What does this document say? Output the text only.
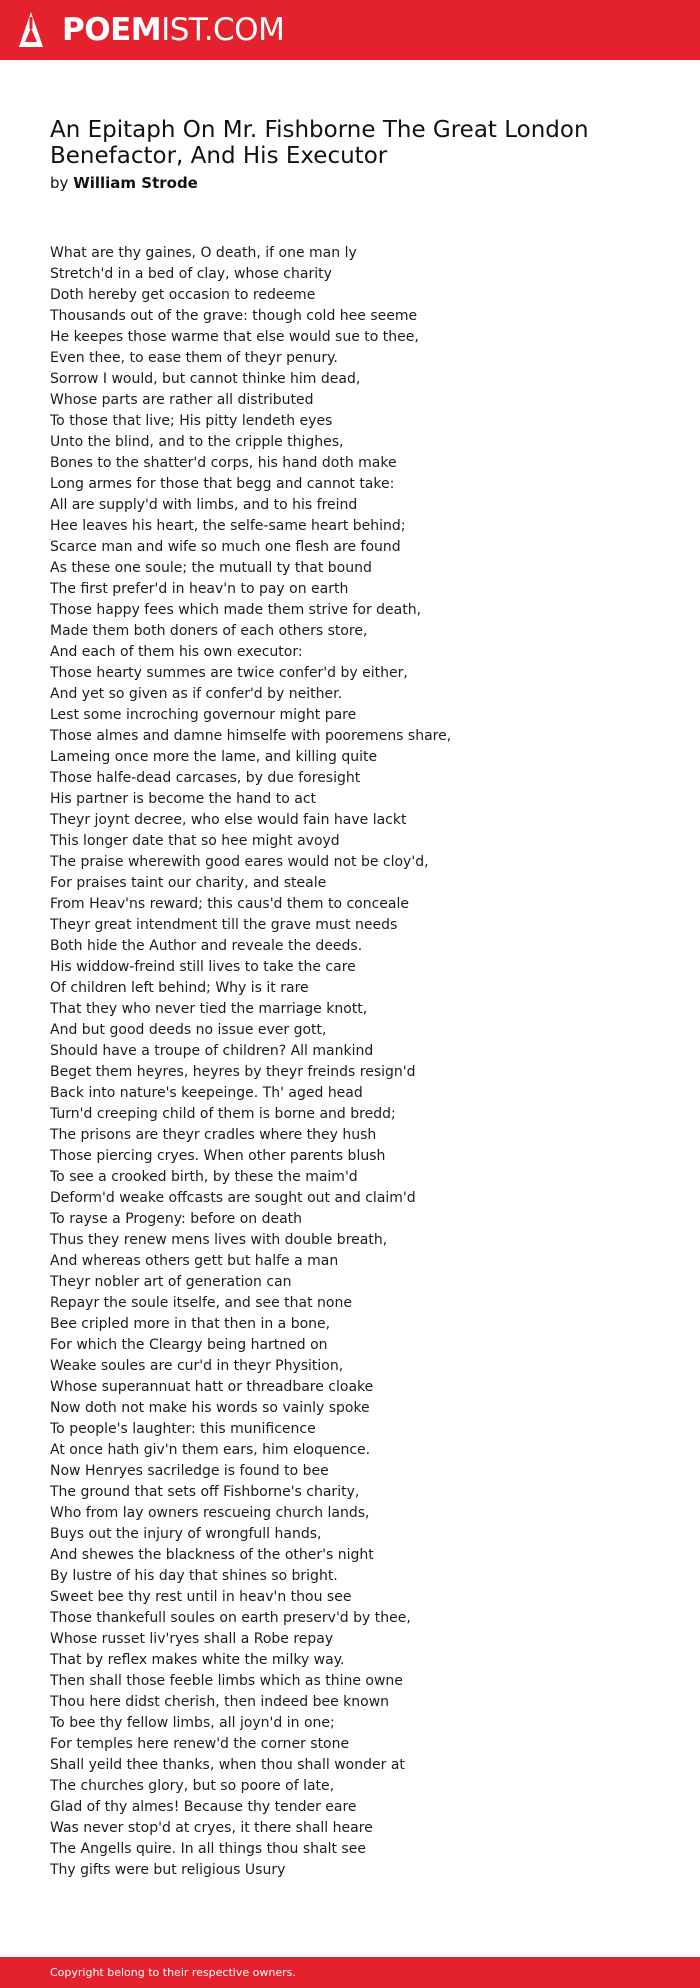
POEMIST.COM
An Epitaph On Mr. Fishborne The Great London Benefactor, And His Executor
by William Strode
What are thy gaines, O death, if one man ly
Stretch'd in a bed of clay, whose charity
Doth hereby get occasion to redeeme
Thousands out of the grave: though cold hee seeme
He keepes those warme that else would sue to thee,
Even thee, to ease them of theyr penury.
Sorrow I would, but cannot thinke him dead,
Whose parts are rather all distributed
To those that live; His pitty lendeth eyes
Unto the blind, and to the cripple thighes,
Bones to the shatter'd corps, his hand doth make
Long armes for those that begg and cannot take:
All are supply'd with limbs, and to his freind
Hee leaves his heart, the selfe-same heart behind;
Scarce man and wife so much one flesh are found
As these one soule; the mutuall ty that bound
The first prefer'd in heav'n to pay on earth
Those happy fees which made them strive for death,
Made them both doners of each others store,
And each of them his own executor:
Those hearty summes are twice confer'd by either,
And yet so given as if confer'd by neither.
Lest some incroching governour might pare
Those almes and damne himselfe with pooremens share,
Lameing once more the lame, and killing quite
Those halfe-dead carcases, by due foresight
His partner is become the hand to act
Theyr joynt decree, who else would fain have lackt
This longer date that so hee might avoyd
The praise wherewith good eares would not be cloy'd,
For praises taint our charity, and steale
From Heav'ns reward; this caus'd them to conceale
Theyr great intendment till the grave must needs
Both hide the Author and reveale the deeds.
His widdow-freind still lives to take the care
Of children left behind; Why is it rare
That they who never tied the marriage knott,
And but good deeds no issue ever gott,
Should have a troupe of children? All mankind
Beget them heyres, heyres by theyr freinds resign'd
Back into nature's keepeinge. Th' aged head
Turn'd creeping child of them is borne and bredd;
The prisons are theyr cradles where they hush
Those piercing cryes. When other parents blush
To see a crooked birth, by these the maim'd
Deform'd weake offcasts are sought out and claim'd
To rayse a Progeny: before on death
Thus they renew mens lives with double breath,
And whereas others gett but halfe a man
Theyr nobler art of generation can
Repayr the soule itselfe, and see that none
Bee cripled more in that then in a bone,
For which the Cleargy being hartned on
Weake soules are cur'd in theyr Physition,
Whose superannuat hatt or threadbare cloake
Now doth not make his words so vainly spoke
To people's laughter: this munificence
At once hath giv'n them ears, him eloquence.
Now Henryes sacriledge is found to bee
The ground that sets off Fishborne's charity,
Who from lay owners rescueing church lands,
Buys out the injury of wrongfull hands,
And shewes the blackness of the other's night
By lustre of his day that shines so bright.
Sweet bee thy rest until in heav'n thou see
Those thankefull soules on earth preserv'd by thee,
Whose russet liv'ryes shall a Robe repay
That by reflex makes white the milky way.
Then shall those feeble limbs which as thine owne
Thou here didst cherish, then indeed bee known
To bee thy fellow limbs, all joyn'd in one;
For temples here renew'd the corner stone
Shall yeild thee thanks, when thou shall wonder at
The churches glory, but so poore of late,
Glad of thy almes! Because thy tender eare
Was never stop'd at cryes, it there shall heare
The Angells quire. In all things thou shalt see
Thy gifts were but religious Usury
Copyright belong to their respective owners.
